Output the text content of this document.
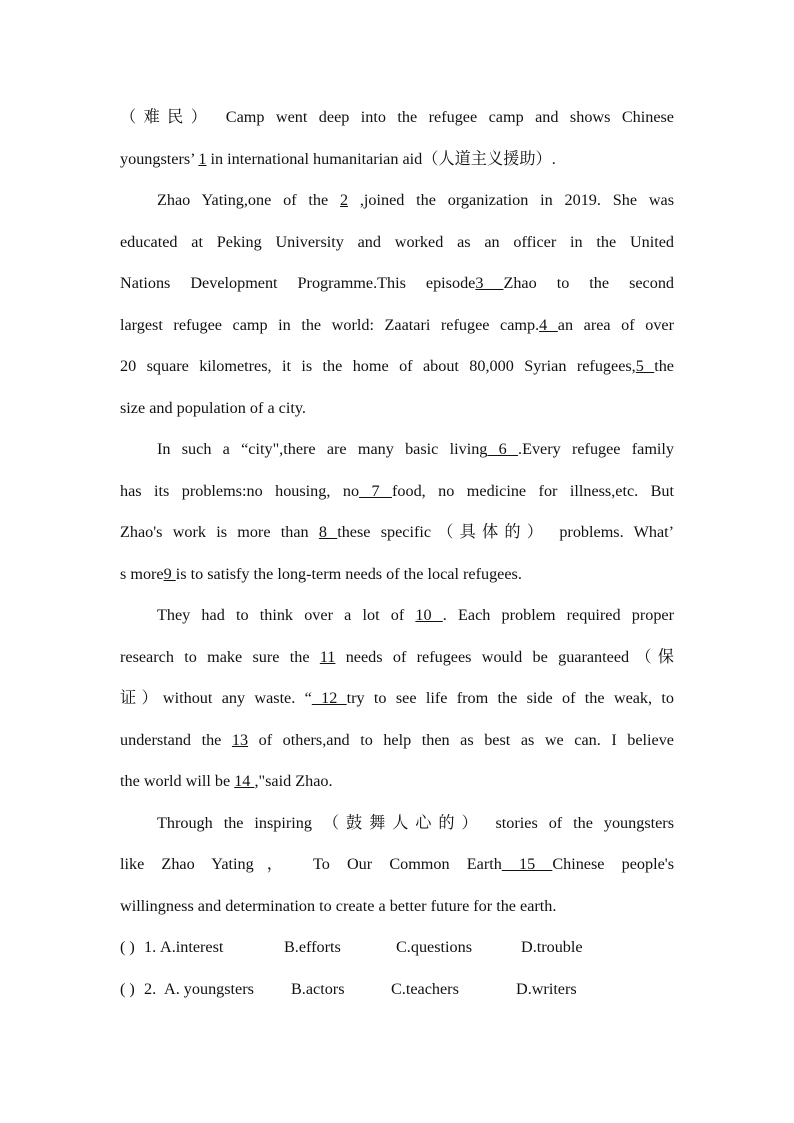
（难民） Camp went deep into the refugee camp and shows Chinese
youngsters’ 1 in international humanitarian aid（人道主义援助）.
Zhao Yating,one of the 2 ,joined the organization in 2019. She was
educated at Peking University and worked as an officer in the United
Nations Development Programme.This episode3 Zhao to the second
largest refugee camp in the world: Zaatari refugee camp.4 an area of over
20 square kilometres, it is the home of about 80,000 Syrian refugees,5 the
size and population of a city.
In such a “city",there are many basic living 6 .Every refugee family
has its problems:no housing, no 7 food, no medicine for illness,etc. But
Zhao's work is more than 8 these specific（具体的） problems. What’
s more9 is to satisfy the long-term needs of the local refugees.
They had to think over a lot of 10 . Each problem required proper
research to make sure the 11 needs of refugees would be guaranteed（保
证）without any waste. “ 12 try to see life from the side of the weak, to
understand the 13 of others,and to help then as best as we can. I believe
the world will be 14 ,"said Zhao.
Through the inspiring （鼓舞人心的） stories of the youngsters
like Zhao Yating， To Our Common Earth 15 Chinese people's
willingness and determination to create a better future for the earth.
( ) 1. A.interest	B.efforts	C.questions	D.trouble
( ) 2. A. youngsters B.actors	C.teachers	D.writers
